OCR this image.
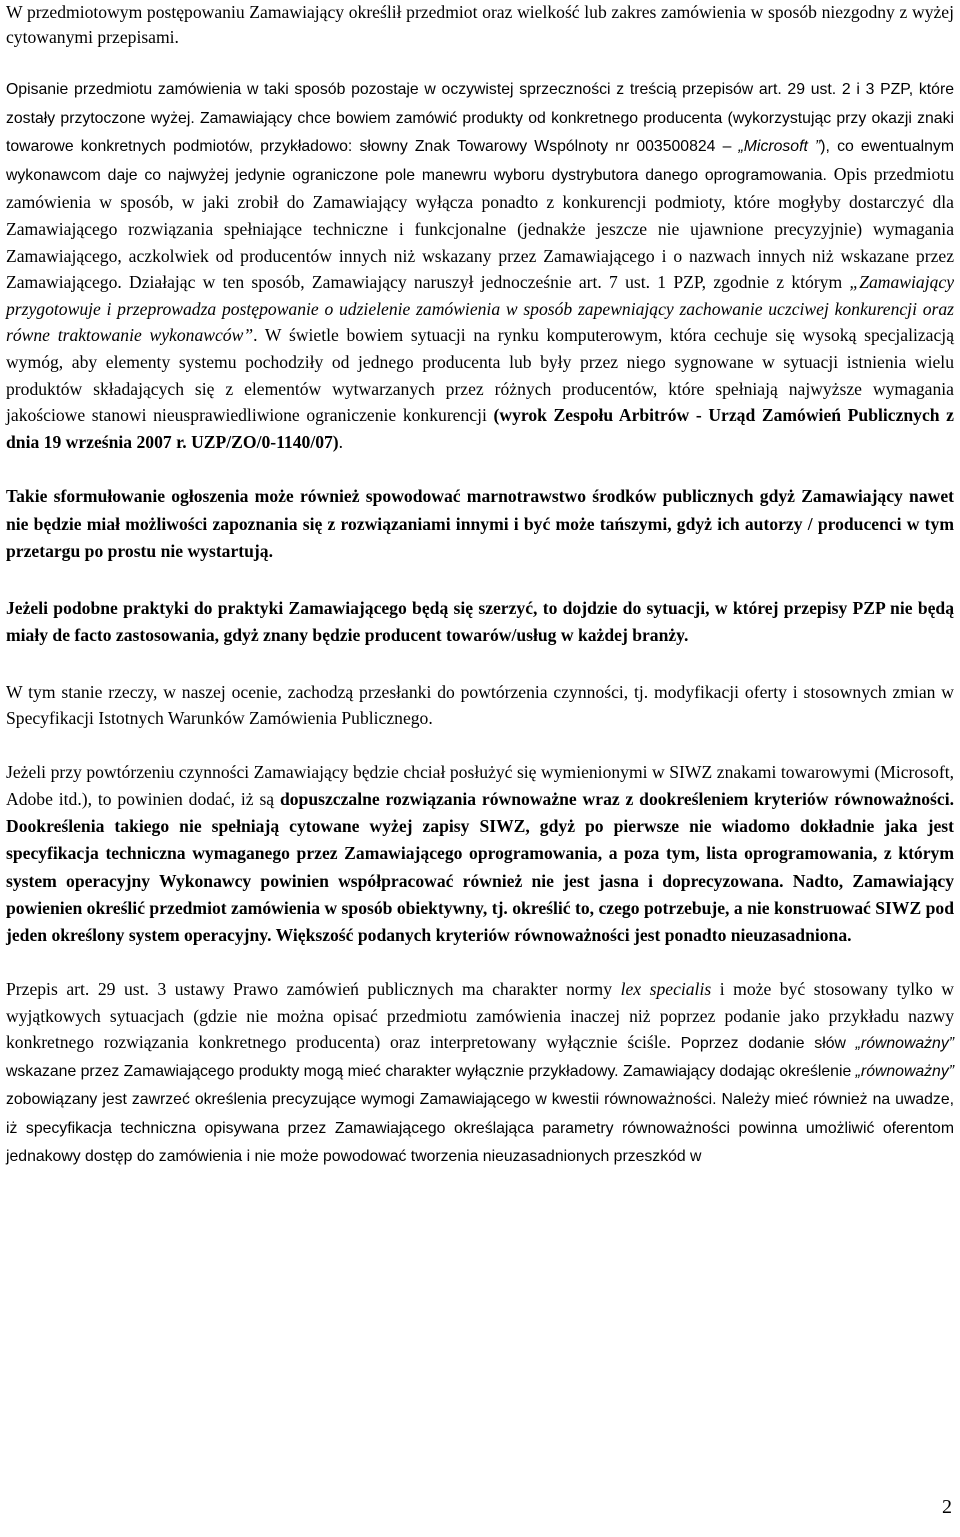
W przedmiotowym postępowaniu Zamawiający określił przedmiot oraz wielkość lub zakres zamówienia w sposób niezgodny z wyżej cytowanymi przepisami.

Opisanie przedmiotu zamówienia w taki sposób pozostaje w oczywistej sprzeczności z treścią przepisów art. 29 ust. 2 i 3 PZP, które zostały przytoczone wyżej. Zamawiający chce bowiem zamówić produkty od konkretnego producenta (wykorzystując przy okazji znaki towarowe konkretnych podmiotów, przykładowo: słowny Znak Towarowy Wspólnoty nr 003500824 – „Microsoft ”), co ewentualnym wykonawcom daje co najwyżej jedynie ograniczone pole manewru wyboru dystrybutora danego oprogramowania. Opis przedmiotu zamówienia w sposób, w jaki zrobił do Zamawiający wyłącza ponadto z konkurencji podmioty, które mogłyby dostarczyć dla Zamawiającego rozwiązania spełniające techniczne i funkcjonalne (jednakże jeszcze nie ujawnione precyzyjnie) wymagania Zamawiającego, aczkolwiek od producentów innych niż wskazany przez Zamawiającego i o nazwach innych niż wskazane przez Zamawiającego. Działając w ten sposób, Zamawiający naruszył jednocześnie art. 7 ust. 1 PZP, zgodnie z którym „Zamawiający przygotowuje i przeprowadza postępowanie o udzielenie zamówienia w sposób zapewniający zachowanie uczciwej konkurencji oraz równe traktowanie wykonawców”. W świetle bowiem sytuacji na rynku komputerowym, która cechuje się wysoką specjalizacją wymóg, aby elementy systemu pochodziły od jednego producenta lub były przez niego sygnowane w sytuacji istnienia wielu produktów składających się z elementów wytwarzanych przez różnych producentów, które spełniają najwyższe wymagania jakościowe stanowi nieusprawiedliwione ograniczenie konkurencji (wyrok Zespołu Arbitrów - Urząd Zamówień Publicznych z dnia 19 września 2007 r. UZP/ZO/0-1140/07).

Takie sformułowanie ogłoszenia może również spowodować marnotrawstwo środków publicznych gdyż Zamawiający nawet nie będzie miał możliwości zapoznania się z rozwiązaniami innymi i być może tańszymi, gdyż ich autorzy / producenci w tym przetargu po prostu nie wystartują.

Jeżeli podobne praktyki do praktyki Zamawiającego będą się szerzyć, to dojdzie do sytuacji, w której przepisy PZP nie będą miały de facto zastosowania, gdyż znany będzie producent towarów/usług w każdej branży.

W tym stanie rzeczy, w naszej ocenie, zachodzą przesłanki do powtórzenia czynności, tj. modyfikacji oferty i stosownych zmian w Specyfikacji Istotnych Warunków Zamówienia Publicznego.

Jeżeli przy powtórzeniu czynności Zamawiający będzie chciał posłużyć się wymienionymi w SIWZ znakami towarowymi (Microsoft, Adobe itd.), to powinien dodać, iż są dopuszczalne rozwiązania równoważne wraz z dookreśleniem kryteriów równoważności. Dookreślenia takiego nie spełniają cytowane wyżej zapisy SIWZ, gdyż po pierwsze nie wiadomo dokładnie jaka jest specyfikacja techniczna wymaganego przez Zamawiającego oprogramowania, a poza tym, lista oprogramowania, z którym system operacyjny Wykonawcy powinien współpracować również nie jest jasna i doprecyzowana. Nadto, Zamawiający powienien określić przedmiot zamówienia w sposób obiektywny, tj. określić to, czego potrzebuje, a nie konstruować SIWZ pod jeden określony system operacyjny. Większość podanych kryteriów równoważności jest ponadto nieuzasadniona.

Przepis art. 29 ust. 3 ustawy Prawo zamówień publicznych ma charakter normy lex specialis i może być stosowany tylko w wyjątkowych sytuacjach (gdzie nie można opisać przedmiotu zamówienia inaczej niż poprzez podanie jako przykładu nazwy konkretnego rozwiązania konkretnego producenta) oraz interpretowany wyłącznie ściśle. Poprzez dodanie słów „równoważny” wskazane przez Zamawiającego produkty mogą mieć charakter wyłącznie przykładowy. Zamawiający dodając określenie „równoważny” zobowiązany jest zawrzeć określenia precyzujące wymogi Zamawiającego w kwestii równoważności. Należy mieć również na uwadze, iż specyfikacja techniczna opisywana przez Zamawiającego określająca parametry równoważności powinna umożliwić oferentom jednakowy dostęp do zamówienia i nie może powodować tworzenia nieuzasadnionych przeszkód w

2
